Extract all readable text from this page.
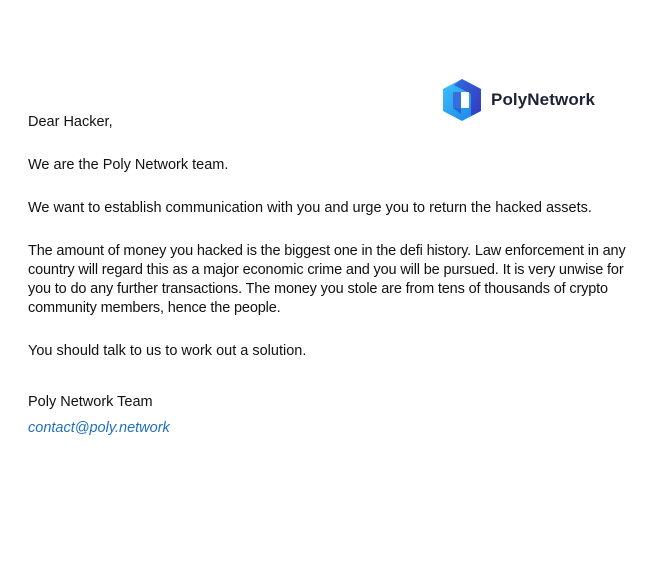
PolyNetwork

Dear Hacker,

We are the Poly Network team.

We want to establish communication with you and urge you to return the hacked assets.

The amount of money you hacked is the biggest one in the defi history. Law enforcement in any country will regard this as a major economic crime and you will be pursued. It is very unwise for you to do any further transactions. The money you stole are from tens of thousands of crypto community members, hence the people.

You should talk to us to work out a solution.

Poly Network Team

contact@poly.network
